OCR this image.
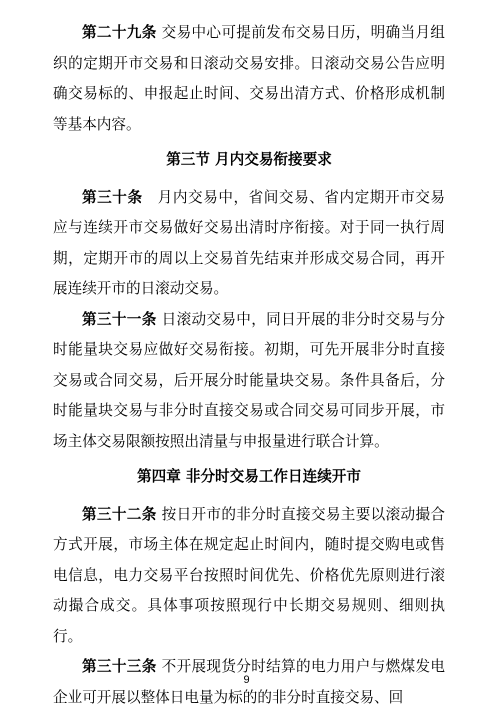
第二十九条 交易中心可提前发布交易日历，明确当月组织的定期开市交易和日滚动交易安排。日滚动交易公告应明确交易标的、申报起止时间、交易出清方式、价格形成机制等基本内容。

第三节 月内交易衔接要求

第三十条　 月内交易中，省间交易、省内定期开市交易应与连续开市交易做好交易出清时序衔接。对于同一执行周期，定期开市的周以上交易首先结束并形成交易合同，再开展连续开市的日滚动交易。

第三十一条 日滚动交易中，同日开展的非分时交易与分时能量块交易应做好交易衔接。初期，可先开展非分时直接交易或合同交易，后开展分时能量块交易。条件具备后，分时能量块交易与非分时直接交易或合同交易可同步开展，市场主体交易限额按照出清量与申报量进行联合计算。

第四章 非分时交易工作日连续开市

第三十二条 按日开市的非分时直接交易主要以滚动撮合方式开展，市场主体在规定起止时间内，随时提交购电或售电信息，电力交易平台按照时间优先、价格优先原则进行滚动撮合成交。具体事项按照现行中长期交易规则、细则执行。

第三十三条 不开展现货分时结算的电力用户与燃煤发电企业可开展以整体日电量为标的的非分时直接交易、回

9
